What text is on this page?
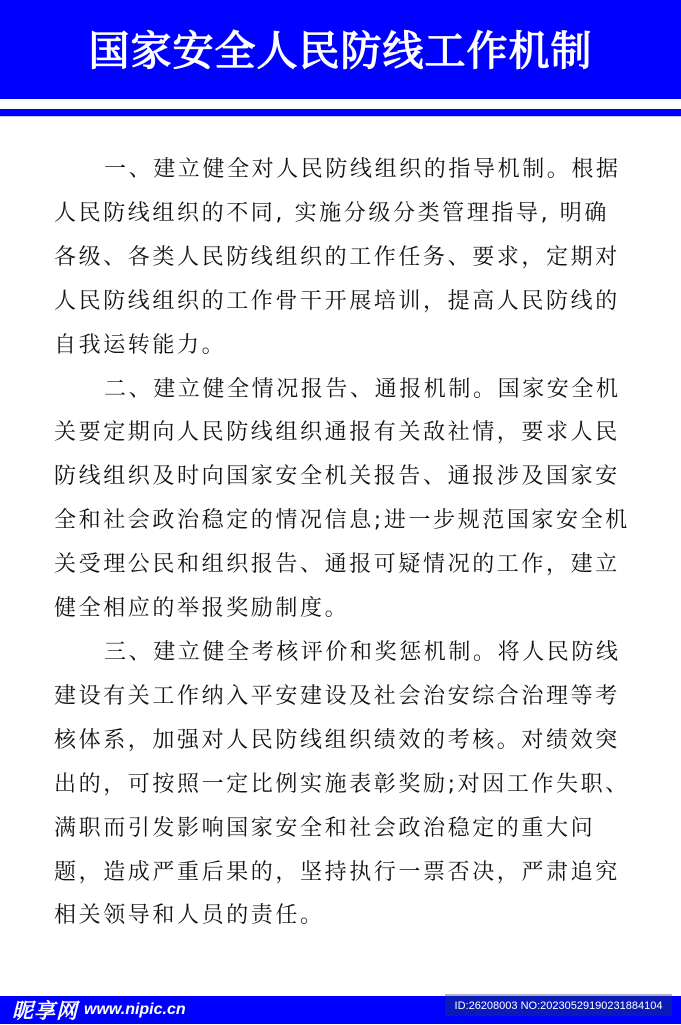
国家安全人民防线工作机制

一、建立健全对人民防线组织的指导机制。根据
人民防线组织的不同, 实施分级分类管理指导, 明确
各级、各类人民防线组织的工作任务、要求，定期对
人民防线组织的工作骨干开展培训，提高人民防线的
自我运转能力。

二、建立健全情况报告、通报机制。国家安全机
关要定期向人民防线组织通报有关敌社情，要求人民
防线组织及时向国家安全机关报告、通报涉及国家安
全和社会政治稳定的情况信息;进一步规范国家安全机
关受理公民和组织报告、通报可疑情况的工作，建立
健全相应的举报奖励制度。

三、建立健全考核评价和奖惩机制。将人民防线
建设有关工作纳入平安建设及社会治安综合治理等考
核体系，加强对人民防线组织绩效的考核。对绩效突
出的，可按照一定比例实施表彰奖励;对因工作失职、
满职而引发影响国家安全和社会政治稳定的重大问
题，造成严重后果的，坚持执行一票否决，严肃追究
相关领导和人员的责任。

昵享网 www.nipic.cn	ID:26208003 NO:20230529190231884104
